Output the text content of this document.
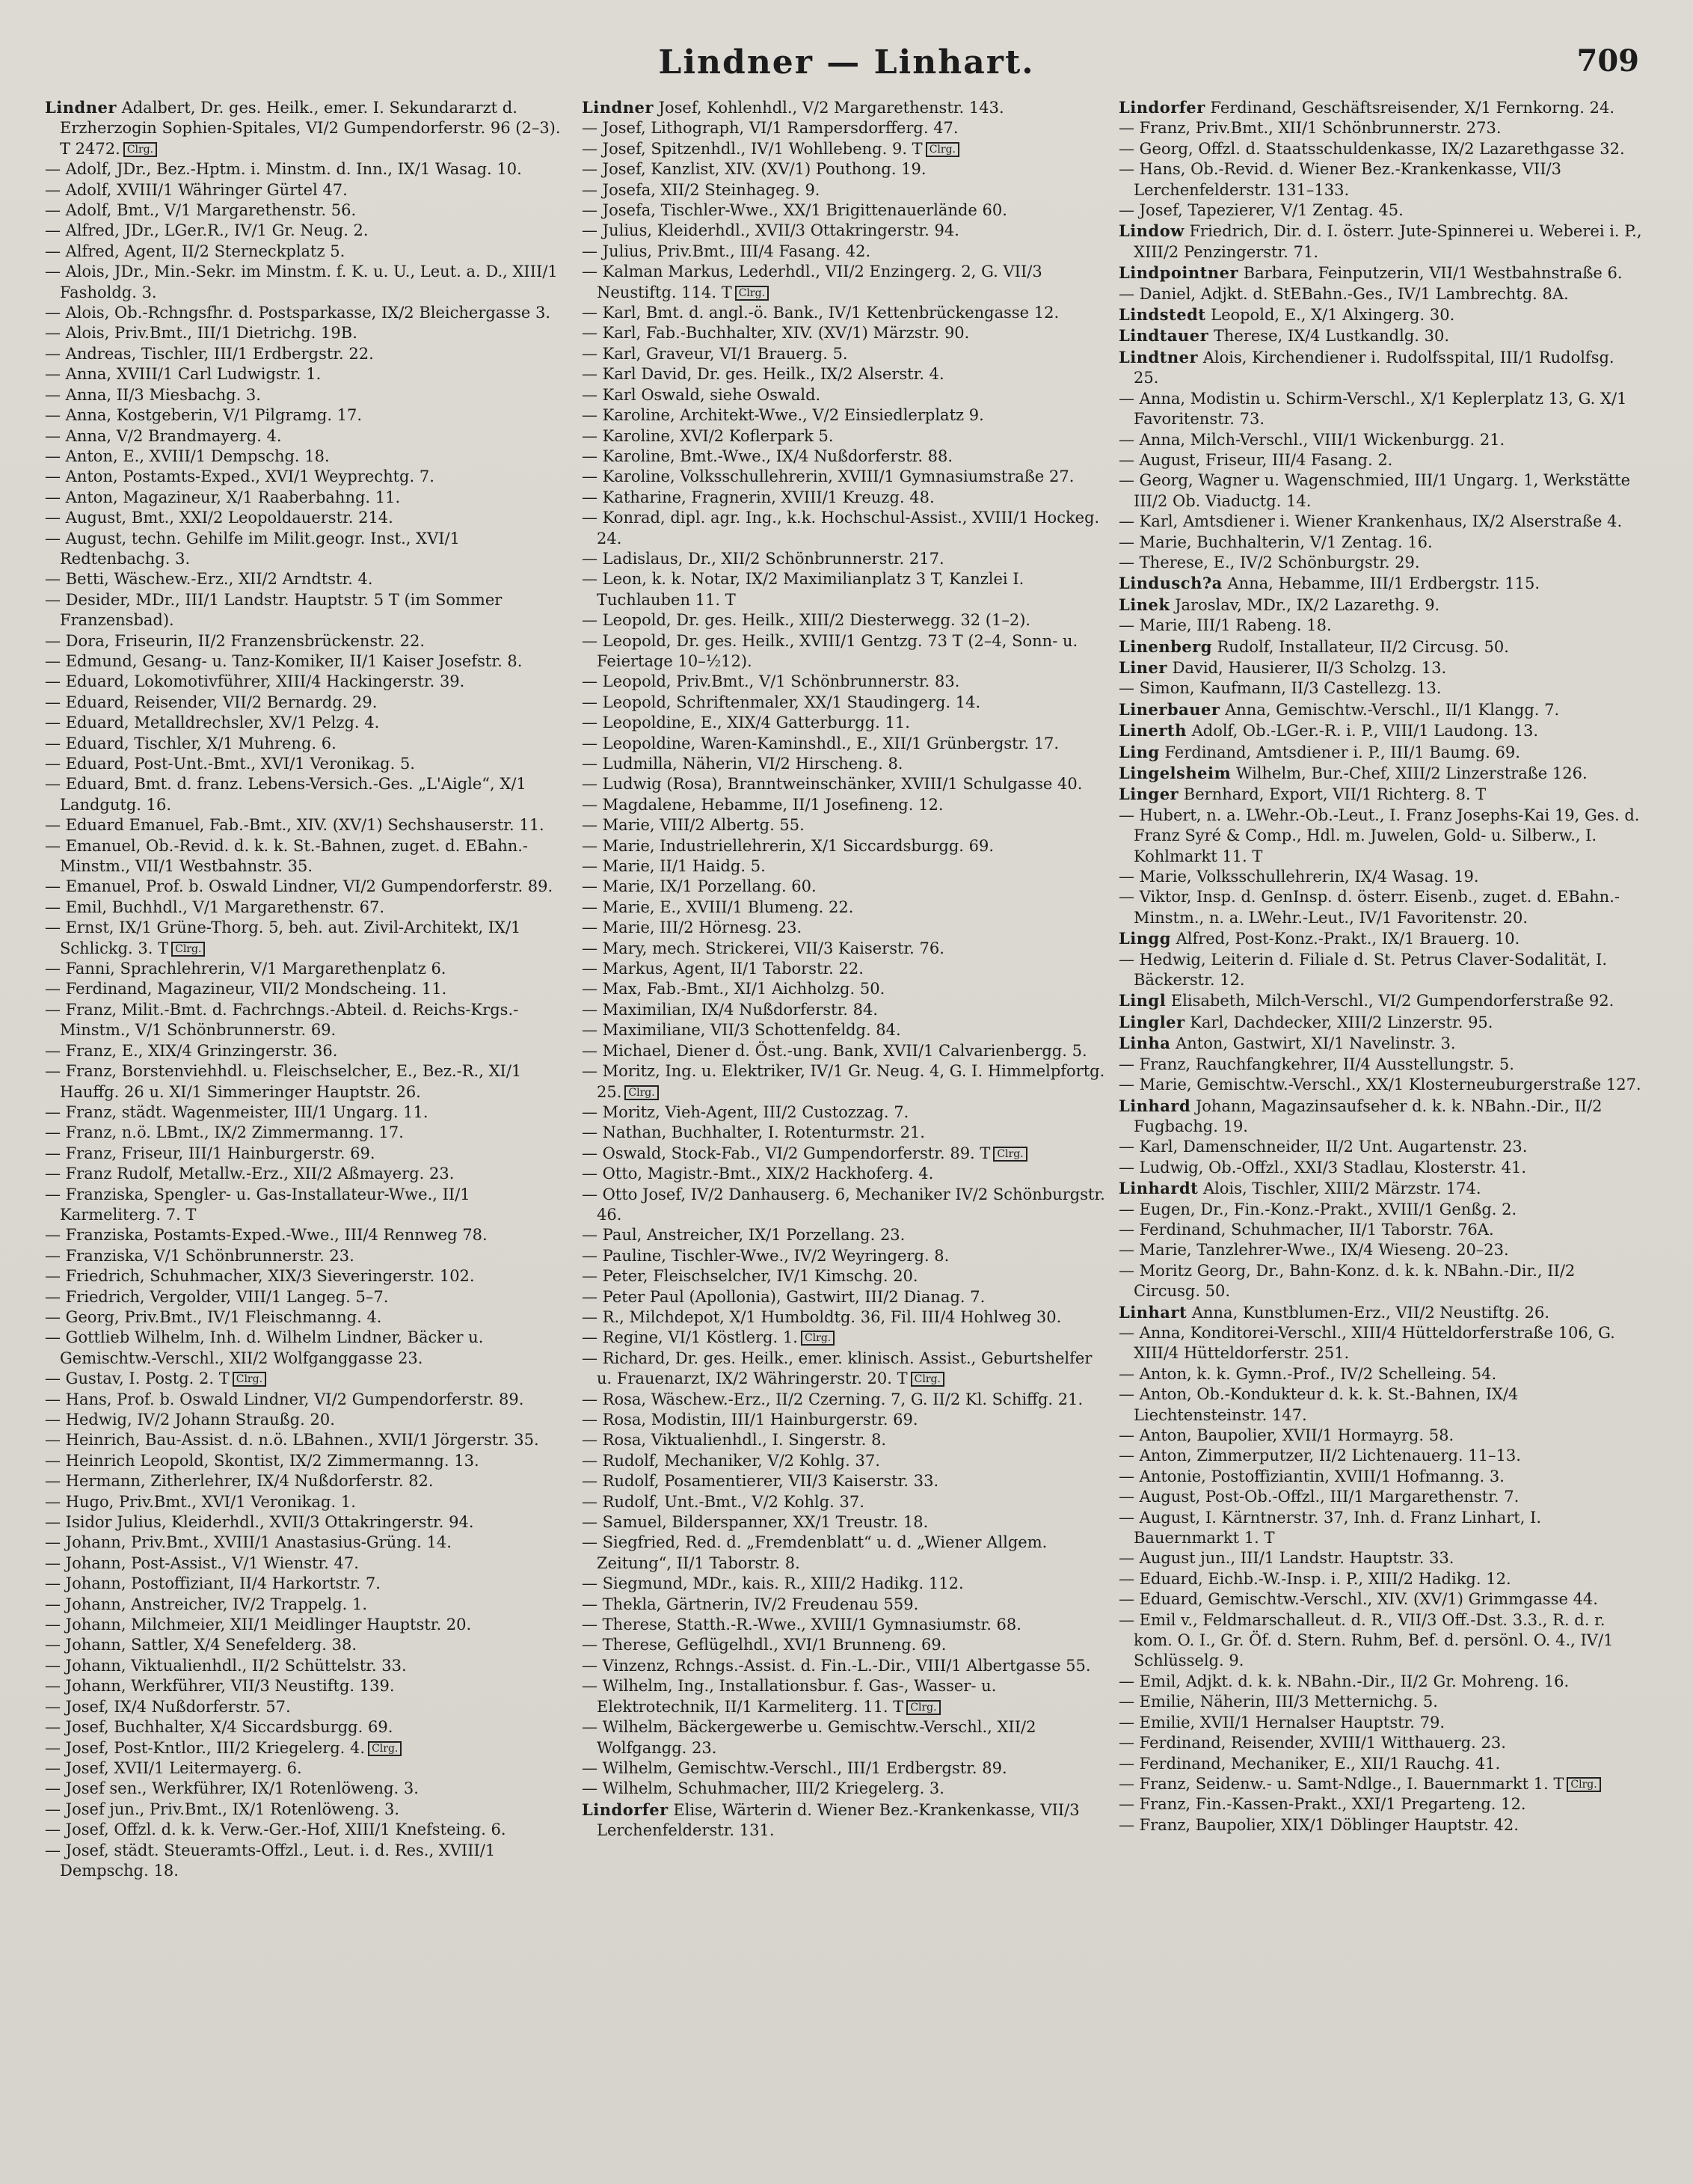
Lindner — Linhart.	709
Lindner Adalbert, Dr. ges. Heilk., emer. I. Sekundararzt d. Erzherzogin Sophien-Spitales, VI/2 Gumpendorferstr. 96 (2–3). T 2472. Clrg.
— Adolf, JDr., Bez.-Hptm. i. Minstm. d. Inn., IX/1 Wasag. 10.
— Adolf, XVIII/1 Währinger Gürtel 47.
— Adolf, Bmt., V/1 Margarethenstr. 56.
— Alfred, JDr., LGer.R., IV/1 Gr. Neug. 2.
— Alfred, Agent, II/2 Sterneckplatz 5.
— Alois, JDr., Min.-Sekr. im Minstm. f. K. u. U., Leut. a. D., XIII/1 Fasholdg. 3.
— Alois, Ob.-Rchngsfhr. d. Postsparkasse, IX/2 Bleichergasse 3.
— Alois, Priv.Bmt., III/1 Dietrichg. 19B.
— Andreas, Tischler, III/1 Erdbergstr. 22.
— Anna, XVIII/1 Carl Ludwigstr. 1.
— Anna, II/3 Miesbachg. 3.
— Anna, Kostgeberin, V/1 Pilgramg. 17.
— Anna, V/2 Brandmayerg. 4.
— Anton, E., XVIII/1 Dempschg. 18.
— Anton, Postamts-Exped., XVI/1 Weyprechtg. 7.
— Anton, Magazineur, X/1 Raaberbahng. 11.
— August, Bmt., XXI/2 Leopoldauerstr. 214.
— August, techn. Gehilfe im Milit.geogr. Inst., XVI/1 Redtenbachg. 3.
— Betti, Wäschew.-Erz., XII/2 Arndtstr. 4.
— Desider, MDr., III/1 Landstr. Hauptstr. 5 T (im Sommer Franzensbad).
— Dora, Friseurin, II/2 Franzensbrückenstr. 22.
— Edmund, Gesang- u. Tanz-Komiker, II/1 Kaiser Josefstr. 8.
— Eduard, Lokomotivführer, XIII/4 Hackingerstr. 39.
— Eduard, Reisender, VII/2 Bernardg. 29.
— Eduard, Metalldrechsler, XV/1 Pelzg. 4.
— Eduard, Tischler, X/1 Muhreng. 6.
— Eduard, Post-Unt.-Bmt., XVI/1 Veronikag. 5.
— Eduard, Bmt. d. franz. Lebens-Versich.-Ges. „L'Aigle“, X/1 Landgutg. 16.
— Eduard Emanuel, Fab.-Bmt., XIV. (XV/1) Sechshauserstr. 11.
— Emanuel, Ob.-Revid. d. k. k. St.-Bahnen, zuget. d. EBahn.-Minstm., VII/1 Westbahnstr. 35.
— Emanuel, Prof. b. Oswald Lindner, VI/2 Gumpendorferstr. 89.
— Emil, Buchhdl., V/1 Margarethenstr. 67.
— Ernst, IX/1 Grüne-Thorg. 5, beh. aut. Zivil-Architekt, IX/1 Schlickg. 3. T Clrg.
— Fanni, Sprachlehrerin, V/1 Margarethenplatz 6.
— Ferdinand, Magazineur, VII/2 Mondscheing. 11.
— Franz, Milit.-Bmt. d. Fachrchngs.-Abteil. d. Reichs-Krgs.-Minstm., V/1 Schönbrunnerstr. 69.
— Franz, E., XIX/4 Grinzingerstr. 36.
— Franz, Borstenviehhdl. u. Fleischselcher, E., Bez.-R., XI/1 Hauffg. 26 u. XI/1 Simmeringer Hauptstr. 26.
— Franz, städt. Wagenmeister, III/1 Ungarg. 11.
— Franz, n.ö. LBmt., IX/2 Zimmermanng. 17.
— Franz, Friseur, III/1 Hainburgerstr. 69.
— Franz Rudolf, Metallw.-Erz., XII/2 Aßmayerg. 23.
— Franziska, Spengler- u. Gas-Installateur-Wwe., II/1 Karmeliterg. 7. T
— Franziska, Postamts-Exped.-Wwe., III/4 Rennweg 78.
— Franziska, V/1 Schönbrunnerstr. 23.
— Friedrich, Schuhmacher, XIX/3 Sieveringerstr. 102.
— Friedrich, Vergolder, VIII/1 Langeg. 5–7.
— Georg, Priv.Bmt., IV/1 Fleischmanng. 4.
— Gottlieb Wilhelm, Inh. d. Wilhelm Lindner, Bäcker u. Gemischtw.-Verschl., XII/2 Wolfganggasse 23.
— Gustav, I. Postg. 2. T Clrg.
— Hans, Prof. b. Oswald Lindner, VI/2 Gumpendorferstr. 89.
— Hedwig, IV/2 Johann Straußg. 20.
— Heinrich, Bau-Assist. d. n.ö. LBahnen., XVII/1 Jörgerstr. 35.
— Heinrich Leopold, Skontist, IX/2 Zimmermanng. 13.
— Hermann, Zitherlehrer, IX/4 Nußdorferstr. 82.
— Hugo, Priv.Bmt., XVI/1 Veronikag. 1.
— Isidor Julius, Kleiderhdl., XVII/3 Ottakringerstr. 94.
— Johann, Priv.Bmt., XVIII/1 Anastasius-Grüng. 14.
— Johann, Post-Assist., V/1 Wienstr. 47.
— Johann, Postoffiziant, II/4 Harkortstr. 7.
— Johann, Anstreicher, IV/2 Trappelg. 1.
— Johann, Milchmeier, XII/1 Meidlinger Hauptstr. 20.
— Johann, Sattler, X/4 Senefelderg. 38.
— Johann, Viktualienhdl., II/2 Schüttelstr. 33.
— Johann, Werkführer, VII/3 Neustiftg. 139.
— Josef, IX/4 Nußdorferstr. 57.
— Josef, Buchhalter, X/4 Siccardsburgg. 69.
— Josef, Post-Kntlor., III/2 Kriegelerg. 4. Clrg.
— Josef, XVII/1 Leitermayerg. 6.
— Josef sen., Werkführer, IX/1 Rotenlöweng. 3.
— Josef jun., Priv.Bmt., IX/1 Rotenlöweng. 3.
— Josef, Offzl. d. k. k. Verw.-Ger.-Hof, XIII/1 Knefsteing. 6.
— Josef, städt. Steueramts-Offzl., Leut. i. d. Res., XVIII/1 Dempschg. 18.
Lindner Josef, Kohlenhdl., V/2 Margarethenstr. 143.
— Josef, Lithograph, VI/1 Rampersdorfferg. 47.
— Josef, Spitzenhdl., IV/1 Wohllebeng. 9. T Clrg.
— Josef, Kanzlist, XIV. (XV/1) Pouthong. 19.
— Josefa, XII/2 Steinhageg. 9.
— Josefa, Tischler-Wwe., XX/1 Brigittenauerlände 60.
— Julius, Kleiderhdl., XVII/3 Ottakringerstr. 94.
— Julius, Priv.Bmt., III/4 Fasang. 42.
— Kalman Markus, Lederhdl., VII/2 Enzingerg. 2, G. VII/3 Neustiftg. 114. T Clrg.
— Karl, Bmt. d. angl.-ö. Bank., IV/1 Kettenbrückengasse 12.
— Karl, Fab.-Buchhalter, XIV. (XV/1) Märzstr. 90.
— Karl, Graveur, VI/1 Brauerg. 5.
— Karl David, Dr. ges. Heilk., IX/2 Alserstr. 4.
— Karl Oswald, siehe Oswald.
— Karoline, Architekt-Wwe., V/2 Einsiedlerplatz 9.
— Karoline, XVI/2 Koflerpark 5.
— Karoline, Bmt.-Wwe., IX/4 Nußdorferstr. 88.
— Karoline, Volksschullehrerin, XVIII/1 Gymnasiumstraße 27.
— Katharine, Fragnerin, XVIII/1 Kreuzg. 48.
— Konrad, dipl. agr. Ing., k.k. Hochschul-Assist., XVIII/1 Hockeg. 24.
— Ladislaus, Dr., XII/2 Schönbrunnerstr. 217.
— Leon, k. k. Notar, IX/2 Maximilianplatz 3 T, Kanzlei I. Tuchlauben 11. T
— Leopold, Dr. ges. Heilk., XIII/2 Diesterwegg. 32 (1–2).
— Leopold, Dr. ges. Heilk., XVIII/1 Gentzg. 73 T (2–4, Sonn- u. Feiertage 10–½12).
— Leopold, Priv.Bmt., V/1 Schönbrunnerstr. 83.
— Leopold, Schriftenmaler, XX/1 Staudingerg. 14.
— Leopoldine, E., XIX/4 Gatterburgg. 11.
— Leopoldine, Waren-Kaminshdl., E., XII/1 Grünbergstr. 17.
— Ludmilla, Näherin, VI/2 Hirscheng. 8.
— Ludwig (Rosa), Branntweinschänker, XVIII/1 Schulgasse 40.
— Magdalene, Hebamme, II/1 Josefineng. 12.
— Marie, VIII/2 Albertg. 55.
— Marie, Industriellehrerin, X/1 Siccardsburgg. 69.
— Marie, II/1 Haidg. 5.
— Marie, IX/1 Porzellang. 60.
— Marie, E., XVIII/1 Blumeng. 22.
— Marie, III/2 Hörnesg. 23.
— Mary, mech. Strickerei, VII/3 Kaiserstr. 76.
— Markus, Agent, II/1 Taborstr. 22.
— Max, Fab.-Bmt., XI/1 Aichholzg. 50.
— Maximilian, IX/4 Nußdorferstr. 84.
— Maximiliane, VII/3 Schottenfeldg. 84.
— Michael, Diener d. Öst.-ung. Bank, XVII/1 Calvarienbergg. 5.
— Moritz, Ing. u. Elektriker, IV/1 Gr. Neug. 4, G. I. Himmelpfortg. 25. Clrg.
— Moritz, Vieh-Agent, III/2 Custozzag. 7.
— Nathan, Buchhalter, I. Rotenturmstr. 21.
— Oswald, Stock-Fab., VI/2 Gumpendorferstr. 89. T Clrg.
— Otto, Magistr.-Bmt., XIX/2 Hackhoferg. 4.
— Otto Josef, IV/2 Danhauserg. 6, Mechaniker IV/2 Schönburgstr. 46.
— Paul, Anstreicher, IX/1 Porzellang. 23.
— Pauline, Tischler-Wwe., IV/2 Weyringerg. 8.
— Peter, Fleischselcher, IV/1 Kimschg. 20.
— Peter Paul (Apollonia), Gastwirt, III/2 Dianag. 7.
— R., Milchdepot, X/1 Humboldtg. 36, Fil. III/4 Hohlweg 30.
— Regine, VI/1 Köstlerg. 1. Clrg.
— Richard, Dr. ges. Heilk., emer. klinisch. Assist., Geburtshelfer u. Frauenarzt, IX/2 Währingerstr. 20. T Clrg.
— Rosa, Wäschew.-Erz., II/2 Czerning. 7, G. II/2 Kl. Schiffg. 21.
— Rosa, Modistin, III/1 Hainburgerstr. 69.
— Rosa, Viktualienhdl., I. Singerstr. 8.
— Rudolf, Mechaniker, V/2 Kohlg. 37.
— Rudolf, Posamentierer, VII/3 Kaiserstr. 33.
— Rudolf, Unt.-Bmt., V/2 Kohlg. 37.
— Samuel, Bilderspanner, XX/1 Treustr. 18.
— Siegfried, Red. d. „Fremdenblatt“ u. d. „Wiener Allgem. Zeitung“, II/1 Taborstr. 8.
— Siegmund, MDr., kais. R., XIII/2 Hadikg. 112.
— Thekla, Gärtnerin, IV/2 Freudenau 559.
— Therese, Statth.-R.-Wwe., XVIII/1 Gymnasiumstr. 68.
— Therese, Geflügelhdl., XVI/1 Brunneng. 69.
— Vinzenz, Rchngs.-Assist. d. Fin.-L.-Dir., VIII/1 Albertgasse 55.
— Wilhelm, Ing., Installationsbur. f. Gas-, Wasser- u. Elektrotechnik, II/1 Karmeliterg. 11. T Clrg.
— Wilhelm, Bäckergewerbe u. Gemischtw.-Verschl., XII/2 Wolfgangg. 23.
— Wilhelm, Gemischtw.-Verschl., III/1 Erdbergstr. 89.
— Wilhelm, Schuhmacher, III/2 Kriegelerg. 3.
Lindorfer Elise, Wärterin d. Wiener Bez.-Krankenkasse, VII/3 Lerchenfelderstr. 131.
Lindorfer Ferdinand, Geschäftsreisender, X/1 Fernkorng. 24.
— Franz, Priv.Bmt., XII/1 Schönbrunnerstr. 273.
— Georg, Offzl. d. Staatsschuldenkasse, IX/2 Lazarethgasse 32.
— Hans, Ob.-Revid. d. Wiener Bez.-Krankenkasse, VII/3 Lerchenfelderstr. 131–133.
— Josef, Tapezierer, V/1 Zentag. 45.
Lindow Friedrich, Dir. d. I. österr. Jute-Spinnerei u. Weberei i. P., XIII/2 Penzingerstr. 71.
Lindpointner Barbara, Feinputzerin, VII/1 Westbahnstraße 6.
— Daniel, Adjkt. d. StEBahn.-Ges., IV/1 Lambrechtg. 8A.
Lindstedt Leopold, E., X/1 Alxingerg. 30.
Lindtauer Therese, IX/4 Lustkandlg. 30.
Lindtner Alois, Kirchendiener i. Rudolfsspital, III/1 Rudolfsg. 25.
— Anna, Modistin u. Schirm-Verschl., X/1 Keplerplatz 13, G. X/1 Favoritenstr. 73.
— Anna, Milch-Verschl., VIII/1 Wickenburgg. 21.
— August, Friseur, III/4 Fasang. 2.
— Georg, Wagner u. Wagenschmied, III/1 Ungarg. 1, Werkstätte III/2 Ob. Viaductg. 14.
— Karl, Amtsdiener i. Wiener Krankenhaus, IX/2 Alserstraße 4.
— Marie, Buchhalterin, V/1 Zentag. 16.
— Therese, E., IV/2 Schönburgstr. 29.
Lindusch?a Anna, Hebamme, III/1 Erdbergstr. 115.
Linek Jaroslav, MDr., IX/2 Lazarethg. 9.
— Marie, III/1 Rabeng. 18.
Linenberg Rudolf, Installateur, II/2 Circusg. 50.
Liner David, Hausierer, II/3 Scholzg. 13.
— Simon, Kaufmann, II/3 Castellezg. 13.
Linerbauer Anna, Gemischtw.-Verschl., II/1 Klangg. 7.
Linerth Adolf, Ob.-LGer.-R. i. P., VIII/1 Laudong. 13.
Ling Ferdinand, Amtsdiener i. P., III/1 Baumg. 69.
Lingelsheim Wilhelm, Bur.-Chef, XIII/2 Linzerstraße 126.
Linger Bernhard, Export, VII/1 Richterg. 8. T
— Hubert, n. a. LWehr.-Ob.-Leut., I. Franz Josephs-Kai 19, Ges. d. Franz Syré & Comp., Hdl. m. Juwelen, Gold- u. Silberw., I. Kohlmarkt 11. T
— Marie, Volksschullehrerin, IX/4 Wasag. 19.
— Viktor, Insp. d. GenInsp. d. österr. Eisenb., zuget. d. EBahn.-Minstm., n. a. LWehr.-Leut., IV/1 Favoritenstr. 20.
Lingg Alfred, Post-Konz.-Prakt., IX/1 Brauerg. 10.
— Hedwig, Leiterin d. Filiale d. St. Petrus Claver-Sodalität, I. Bäckerstr. 12.
Lingl Elisabeth, Milch-Verschl., VI/2 Gumpendorferstraße 92.
Lingler Karl, Dachdecker, XIII/2 Linzerstr. 95.
Linha Anton, Gastwirt, XI/1 Navelinstr. 3.
— Franz, Rauchfangkehrer, II/4 Ausstellungstr. 5.
— Marie, Gemischtw.-Verschl., XX/1 Klosterneuburgerstraße 127.
Linhard Johann, Magazinsaufseher d. k. k. NBahn.-Dir., II/2 Fugbachg. 19.
— Karl, Damenschneider, II/2 Unt. Augartenstr. 23.
— Ludwig, Ob.-Offzl., XXI/3 Stadlau, Klosterstr. 41.
Linhardt Alois, Tischler, XIII/2 Märzstr. 174.
— Eugen, Dr., Fin.-Konz.-Prakt., XVIII/1 Genßg. 2.
— Ferdinand, Schuhmacher, II/1 Taborstr. 76A.
— Marie, Tanzlehrer-Wwe., IX/4 Wieseng. 20–23.
— Moritz Georg, Dr., Bahn-Konz. d. k. k. NBahn.-Dir., II/2 Circusg. 50.
Linhart Anna, Kunstblumen-Erz., VII/2 Neustiftg. 26.
— Anna, Konditorei-Verschl., XIII/4 Hütteldorferstraße 106, G. XIII/4 Hütteldorferstr. 251.
— Anton, k. k. Gymn.-Prof., IV/2 Schelleing. 54.
— Anton, Ob.-Kondukteur d. k. k. St.-Bahnen, IX/4 Liechtensteinstr. 147.
— Anton, Baupolier, XVII/1 Hormayrg. 58.
— Anton, Zimmerputzer, II/2 Lichtenauerg. 11–13.
— Antonie, Postoffiziantin, XVIII/1 Hofmanng. 3.
— August, Post-Ob.-Offzl., III/1 Margarethenstr. 7.
— August, I. Kärntnerstr. 37, Inh. d. Franz Linhart, I. Bauernmarkt 1. T
— August jun., III/1 Landstr. Hauptstr. 33.
— Eduard, Eichb.-W.-Insp. i. P., XIII/2 Hadikg. 12.
— Eduard, Gemischtw.-Verschl., XIV. (XV/1) Grimmgasse 44.
— Emil v., Feldmarschalleut. d. R., VII/3 Off.-Dst. 3.3., R. d. r. kom. O. I., Gr. Öf. d. Stern. Ruhm, Bef. d. persönl. O. 4., IV/1 Schlüsselg. 9.
— Emil, Adjkt. d. k. k. NBahn.-Dir., II/2 Gr. Mohreng. 16.
— Emilie, Näherin, III/3 Metternichg. 5.
— Emilie, XVII/1 Hernalser Hauptstr. 79.
— Ferdinand, Reisender, XVIII/1 Witthauerg. 23.
— Ferdinand, Mechaniker, E., XII/1 Rauchg. 41.
— Franz, Seidenw.- u. Samt-Ndlge., I. Bauernmarkt 1. T Clrg.
— Franz, Fin.-Kassen-Prakt., XXI/1 Pregarteng. 12.
— Franz, Baupolier, XIX/1 Döblinger Hauptstr. 42.
